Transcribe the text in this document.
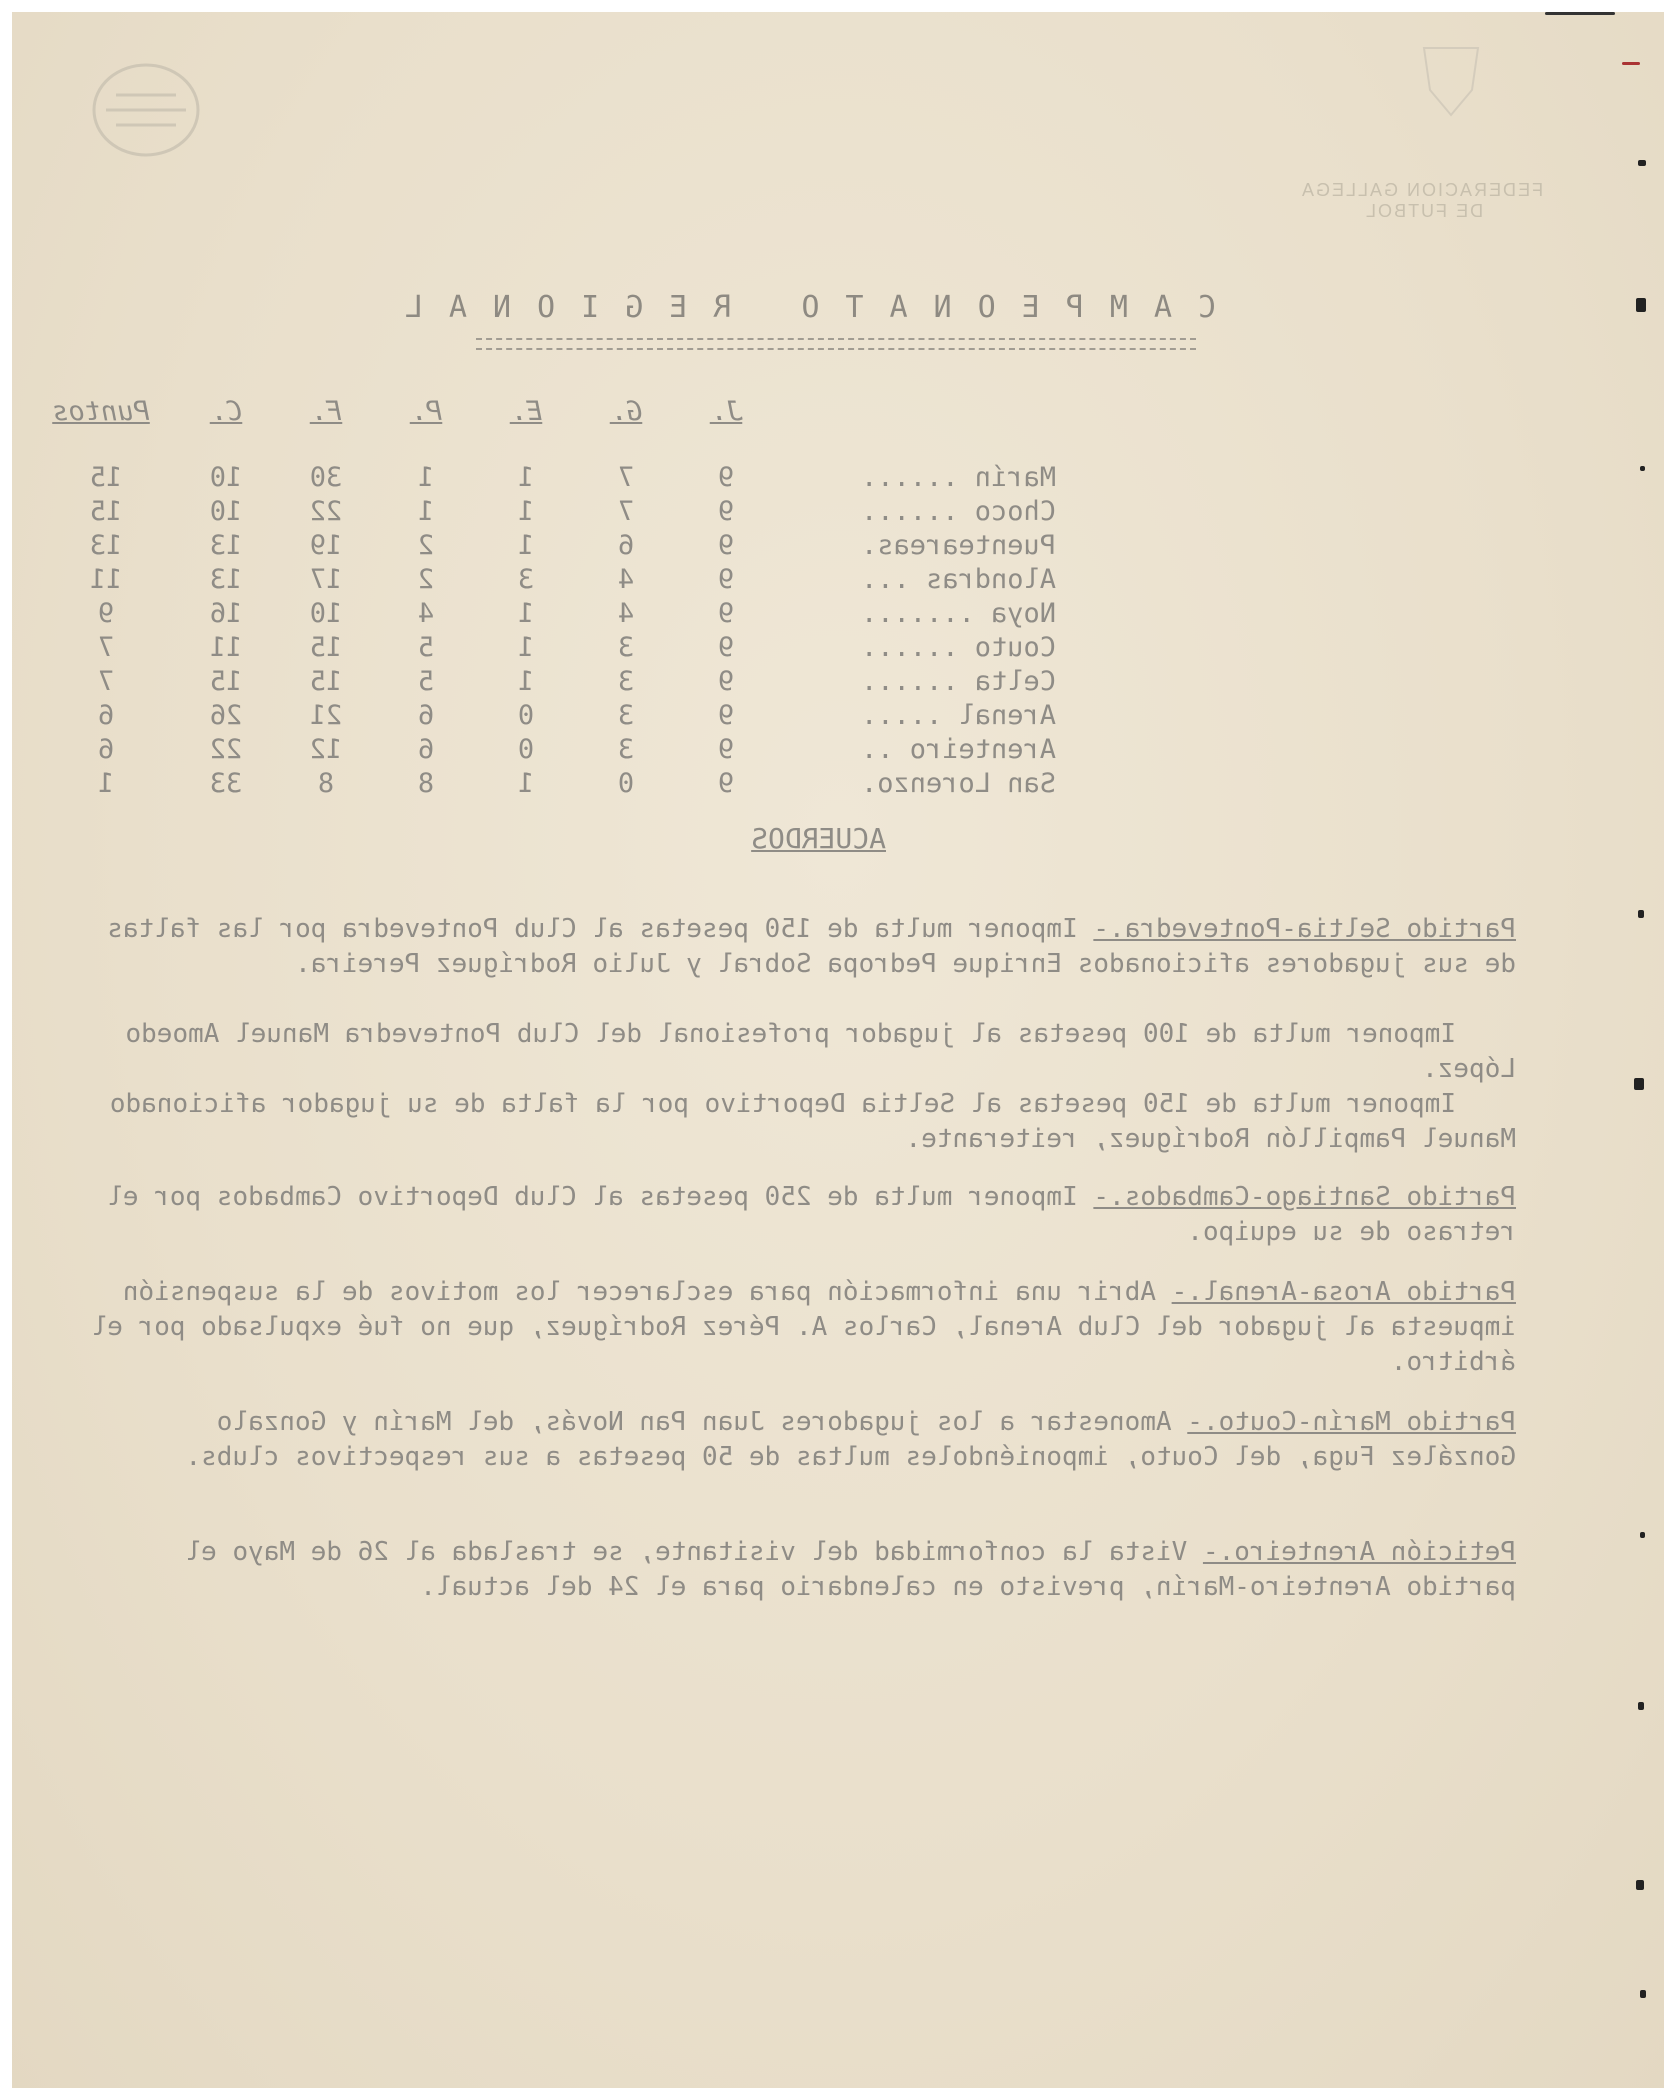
FEDERACION GALLEGA
DE FUTBOL
CAMPEONATO REGIONAL
J.
G.
E.
P.
F.
C.
Puntos
Marín ......
9
7
1
1
30
10
15
Choco ......
9
7
1
1
22
10
15
Puenteareas.
9
6
1
2
19
13
13
Alondras ...
9
4
3
2
17
13
11
Noya .......
9
4
1
4
10
16
9
Couto ......
9
3
1
5
15
11
7
Celta ......
9
3
1
5
15
15
7
Arenal .....
9
3
0
6
21
26
6
Arenteiro ..
9
3
0
6
12
22
6
San Lorenzo.
9
0
1
8
8
33
1
ACUERDOS
Partido Seltia-Pontevedra.- Imponer multa de 150 pesetas al Club Pontevedra por las faltas de sus jugadores aficionados Enrique Pedropa Sobral y Julio Rodríguez Pereira.
Imponer multa de 100 pesetas al jugador profesional del Club Pontevedra Manuel Amoedo López.
Imponer multa de 150 pesetas al Seltia Deportivo por la falta de su jugador aficionado Manuel Pampillón Rodríguez, reiterante.
Partido Santiago-Cambados.- Imponer multa de 250 pesetas al Club Deportivo Cambados por el retraso de su equipo.
Partido Arosa-Arenal.- Abrir una información para esclarecer los motivos de la suspensión impuesta al jugador del Club Arenal, Carlos A. Pérez Rodríguez, que no fué expulsado por el árbitro.
Partido Marín-Couto.- Amonestar a los jugadores Juan Pan Novás, del Marín y Gonzalo González Fuga, del Couto, imponiéndoles multas de 50 pesetas a sus respectivos clubs.
Petición Arenteiro.- Vista la conformidad del visitante, se traslada al 26 de Mayo el partido Arenteiro-Marín, previsto en calendario para el 24 del actual.
